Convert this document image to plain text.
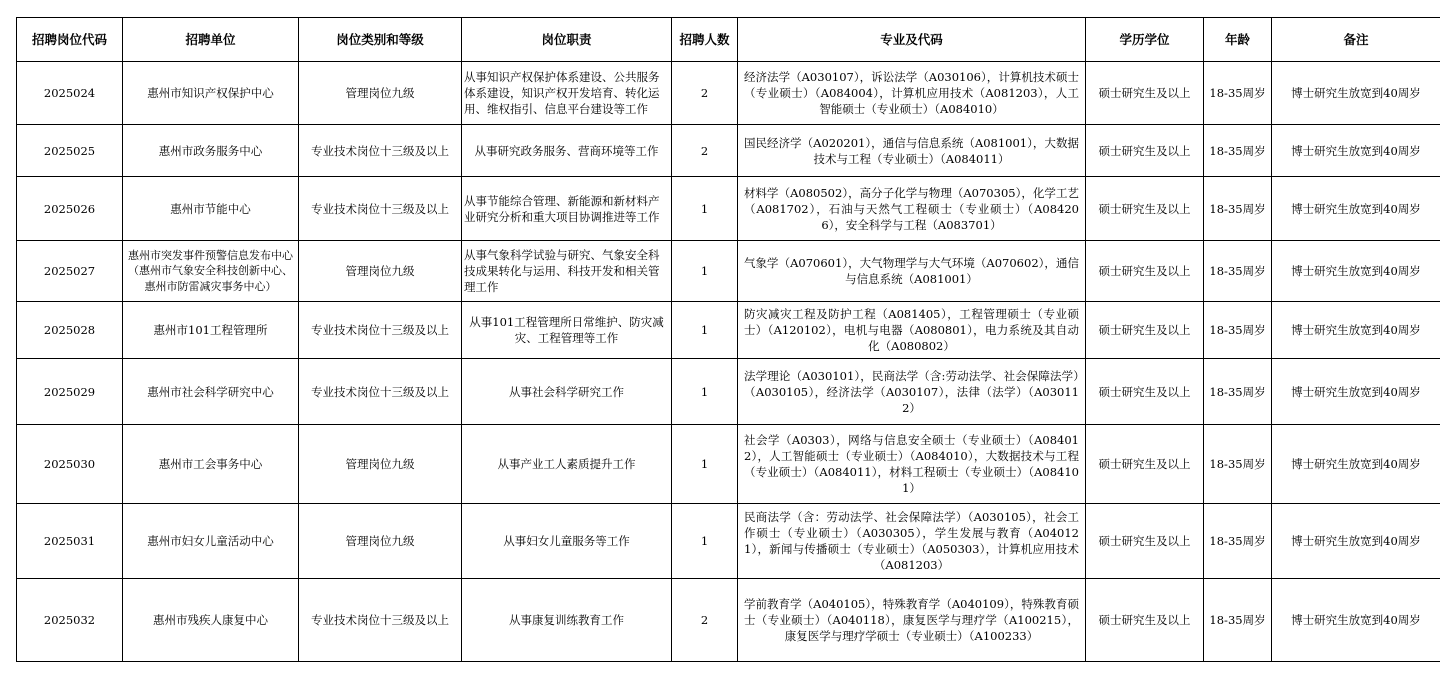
招聘岗位代码	招聘单位	岗位类别和等级	岗位职责	招聘人数	专业及代码	学历学位	年龄	备注
2025024	惠州市知识产权保护中心	管理岗位九级	从事知识产权保护体系建设、公共服务体系建设，知识产权开发培育、转化运用、维权指引、信息平台建设等工作	2	经济法学（A030107），诉讼法学（A030106），计算机技术硕士（专业硕士）（A084004），计算机应用技术（A081203），人工智能硕士（专业硕士）（A084010）	硕士研究生及以上	18-35周岁	博士研究生放宽到40周岁
2025025	惠州市政务服务中心	专业技术岗位十三级及以上	从事研究政务服务、营商环境等工作	2	国民经济学（A020201），通信与信息系统（A081001），大数据技术与工程（专业硕士）（A084011）	硕士研究生及以上	18-35周岁	博士研究生放宽到40周岁
2025026	惠州市节能中心	专业技术岗位十三级及以上	从事节能综合管理、新能源和新材料产业研究分析和重大项目协调推进等工作	1	材料学（A080502），高分子化学与物理（A070305），化学工艺（A081702），石油与天然气工程硕士（专业硕士）（A084206），安全科学与工程（A083701）	硕士研究生及以上	18-35周岁	博士研究生放宽到40周岁
2025027	惠州市突发事件预警信息发布中心（惠州市气象安全科技创新中心、惠州市防雷减灾事务中心）	管理岗位九级	从事气象科学试验与研究、气象安全科技成果转化与运用、科技开发和相关管理工作	1	气象学（A070601），大气物理学与大气环境（A070602），通信与信息系统（A081001）	硕士研究生及以上	18-35周岁	博士研究生放宽到40周岁
2025028	惠州市101工程管理所	专业技术岗位十三级及以上	从事101工程管理所日常维护、防灾减灾、工程管理等工作	1	防灾减灾工程及防护工程（A081405），工程管理硕士（专业硕士）（A120102），电机与电器（A080801），电力系统及其自动化（A080802）	硕士研究生及以上	18-35周岁	博士研究生放宽到40周岁
2025029	惠州市社会科学研究中心	专业技术岗位十三级及以上	从事社会科学研究工作	1	法学理论（A030101），民商法学（含:劳动法学、社会保障法学）（A030105），经济法学（A030107），法律（法学）（A030112）	硕士研究生及以上	18-35周岁	博士研究生放宽到40周岁
2025030	惠州市工会事务中心	管理岗位九级	从事产业工人素质提升工作	1	社会学（A0303），网络与信息安全硕士（专业硕士）（A084012），人工智能硕士（专业硕士）（A084010），大数据技术与工程（专业硕士）（A084011），材料工程硕士（专业硕士）（A084101）	硕士研究生及以上	18-35周岁	博士研究生放宽到40周岁
2025031	惠州市妇女儿童活动中心	管理岗位九级	从事妇女儿童服务等工作	1	民商法学（含：劳动法学、社会保障法学）（A030105），社会工作硕士（专业硕士）（A030305），学生发展与教育（A040121），新闻与传播硕士（专业硕士）（A050303），计算机应用技术（A081203）	硕士研究生及以上	18-35周岁	博士研究生放宽到40周岁
2025032	惠州市残疾人康复中心	专业技术岗位十三级及以上	从事康复训练教育工作	2	学前教育学（A040105），特殊教育学（A040109），特殊教育硕士（专业硕士）（A040118），康复医学与理疗学（A100215），康复医学与理疗学硕士（专业硕士）（A100233）	硕士研究生及以上	18-35周岁	博士研究生放宽到40周岁
